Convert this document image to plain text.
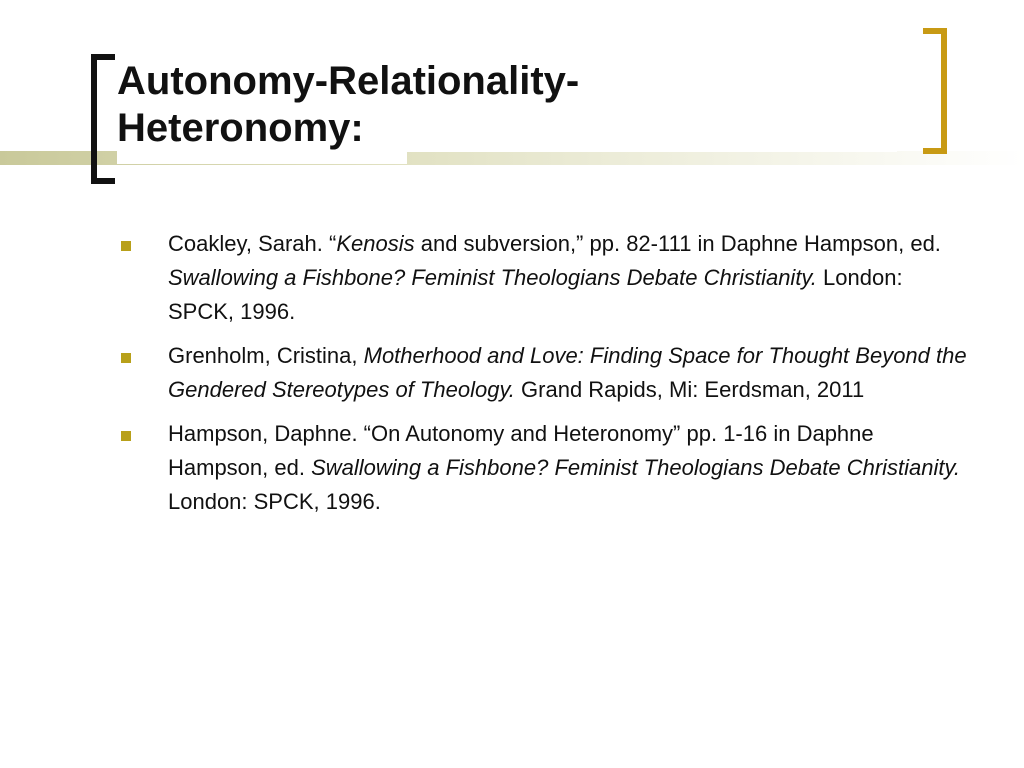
Autonomy-Relationality-
Heteronomy:
Coakley, Sarah. “Kenosis and subversion,” pp. 82-111 in Daphne Hampson, ed. Swallowing a Fishbone? Feminist Theologians Debate Christianity. London: SPCK, 1996.
Grenholm, Cristina, Motherhood and Love: Finding Space for Thought Beyond the Gendered Stereotypes of Theology. Grand Rapids, Mi: Eerdsman, 2011
Hampson, Daphne. “On Autonomy and Heteronomy” pp. 1-16 in Daphne Hampson, ed. Swallowing a Fishbone? Feminist Theologians Debate Christianity. London: SPCK, 1996.
